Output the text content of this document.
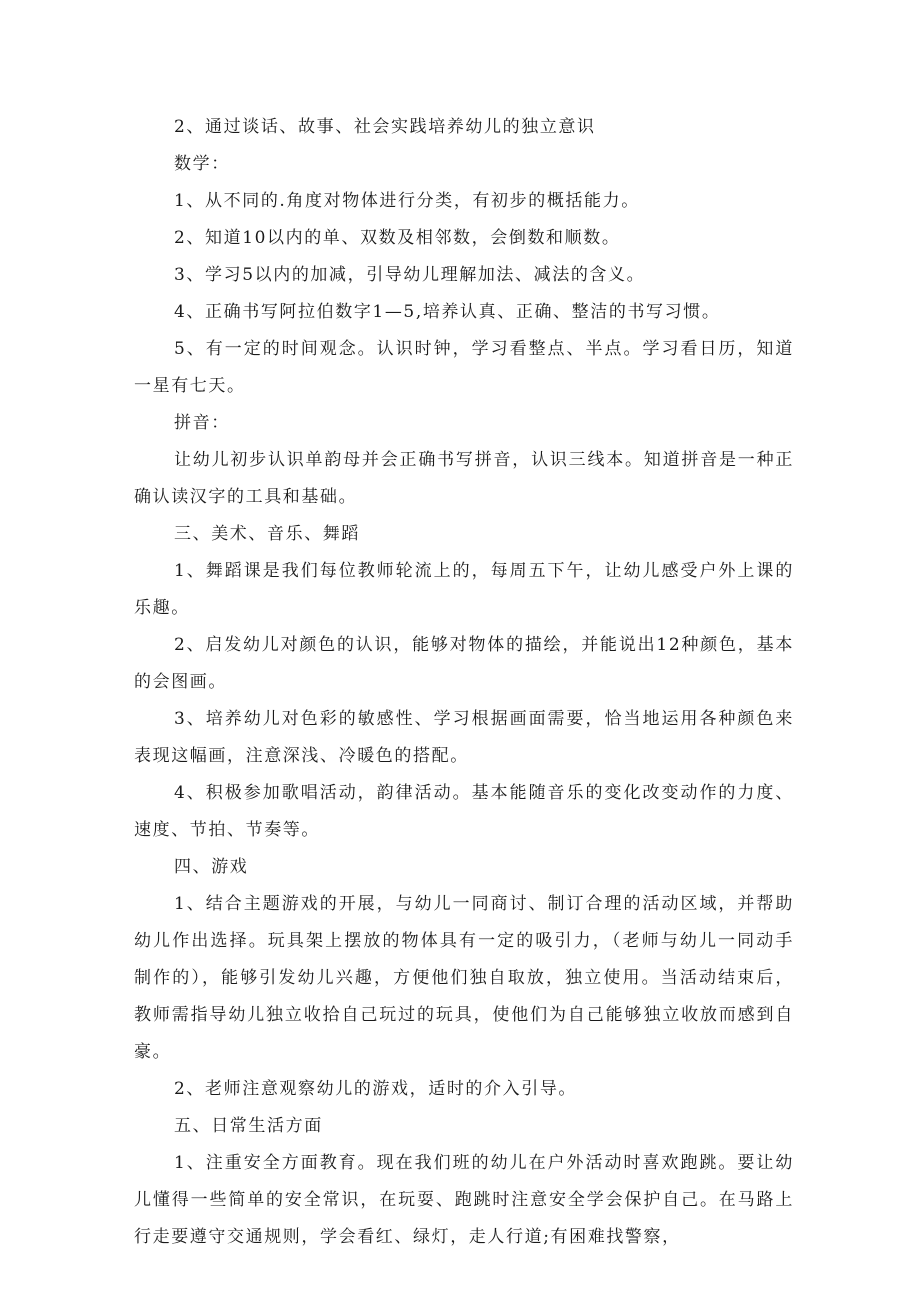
2、通过谈话、故事、社会实践培养幼儿的独立意识

数学：

1、从不同的.角度对物体进行分类，有初步的概括能力。

2、知道10以内的单、双数及相邻数，会倒数和顺数。

3、学习5以内的加减，引导幼儿理解加法、减法的含义。

4、正确书写阿拉伯数字1—5,培养认真、正确、整洁的书写习惯。

5、有一定的时间观念。认识时钟，学习看整点、半点。学习看日历，知道一星有七天。

拼音：

让幼儿初步认识单韵母并会正确书写拼音，认识三线本。知道拼音是一种正确认读汉字的工具和基础。

三、美术、音乐、舞蹈

1、舞蹈课是我们每位教师轮流上的，每周五下午，让幼儿感受户外上课的乐趣。

2、启发幼儿对颜色的认识，能够对物体的描绘，并能说出12种颜色，基本的会图画。

3、培养幼儿对色彩的敏感性、学习根据画面需要，恰当地运用各种颜色来表现这幅画，注意深浅、冷暖色的搭配。

4、积极参加歌唱活动，韵律活动。基本能随音乐的变化改变动作的力度、速度、节拍、节奏等。

四、游戏

1、结合主题游戏的开展，与幼儿一同商讨、制订合理的活动区域，并帮助幼儿作出选择。玩具架上摆放的物体具有一定的吸引力，（老师与幼儿一同动手制作的），能够引发幼儿兴趣，方便他们独自取放，独立使用。当活动结束后，教师需指导幼儿独立收拾自己玩过的玩具，使他们为自己能够独立收放而感到自豪。

2、老师注意观察幼儿的游戏，适时的介入引导。

五、日常生活方面

1、注重安全方面教育。现在我们班的幼儿在户外活动时喜欢跑跳。要让幼儿懂得一些简单的安全常识，在玩耍、跑跳时注意安全学会保护自己。在马路上行走要遵守交通规则，学会看红、绿灯，走人行道;有困难找警察，
